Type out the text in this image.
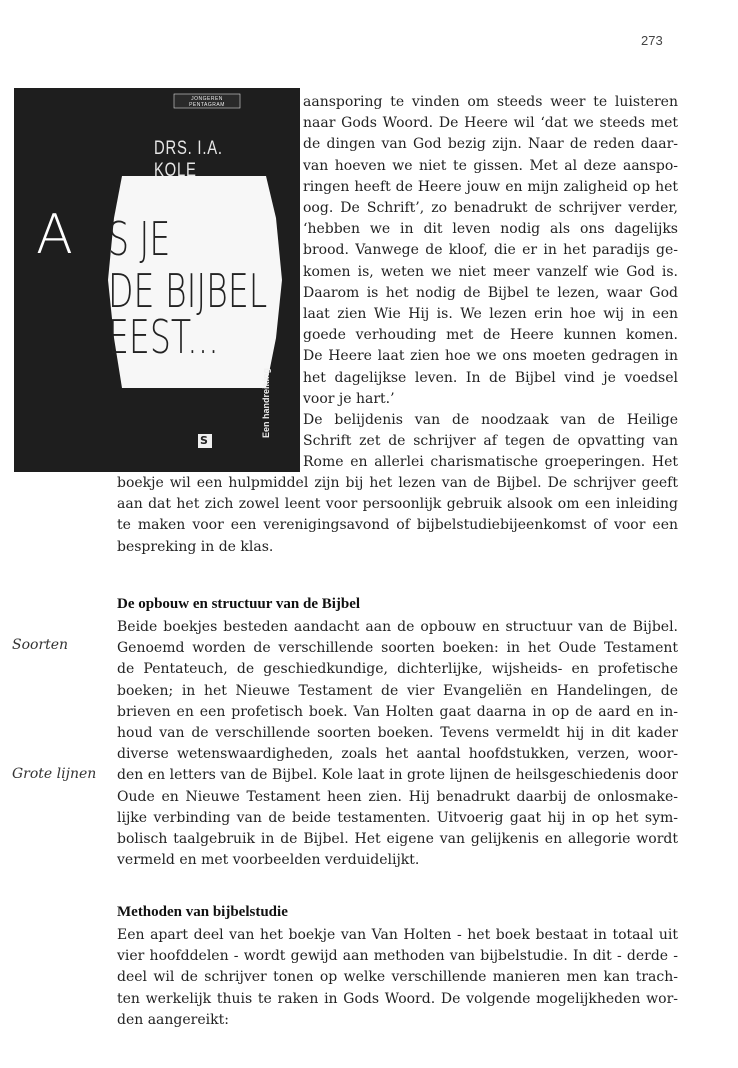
273
JONGEREN PENTAGRAM
DRS. I.A. KOLE
A S JE
DE BIJBEL
EEST...
Een handreiking
S
aansporing te vinden om steeds weer te luisteren
naar Gods Woord. De Heere wil ‘dat we steeds met
de dingen van God bezig zijn. Naar de reden daar-
van hoeven we niet te gissen. Met al deze aanspo-
ringen heeft de Heere jouw en mijn zaligheid op het
oog. De Schrift’, zo benadrukt de schrijver verder,
‘hebben we in dit leven nodig als ons dagelijks
brood. Vanwege de kloof, die er in het paradijs ge-
komen is, weten we niet meer vanzelf wie God is.
Daarom is het nodig de Bijbel te lezen, waar God
laat zien Wie Hij is. We lezen erin hoe wij in een
goede verhouding met de Heere kunnen komen.
De Heere laat zien hoe we ons moeten gedragen in
het dagelijkse leven. In de Bijbel vind je voedsel
voor je hart.’
De belijdenis van de noodzaak van de Heilige
Schrift zet de schrijver af tegen de opvatting van
Rome en allerlei charismatische groeperingen. Het
boekje wil een hulpmiddel zijn bij het lezen van de Bijbel. De schrijver geeft
aan dat het zich zowel leent voor persoonlijk gebruik alsook om een inleiding
te maken voor een verenigingsavond of bijbelstudiebijeenkomst of voor een
bespreking in de klas.
De opbouw en structuur van de Bijbel
Soorten
Grote lijnen
Beide boekjes besteden aandacht aan de opbouw en structuur van de Bijbel.
Genoemd worden de verschillende soorten boeken: in het Oude Testament
de Pentateuch, de geschiedkundige, dichterlijke, wijsheids- en profetische
boeken; in het Nieuwe Testament de vier Evangeliën en Handelingen, de
brieven en een profetisch boek. Van Holten gaat daarna in op de aard en in-
houd van de verschillende soorten boeken. Tevens vermeldt hij in dit kader
diverse wetenswaardigheden, zoals het aantal hoofdstukken, verzen, woor-
den en letters van de Bijbel. Kole laat in grote lijnen de heilsgeschiedenis door
Oude en Nieuwe Testament heen zien. Hij benadrukt daarbij de onlosmake-
lijke verbinding van de beide testamenten. Uitvoerig gaat hij in op het sym-
bolisch taalgebruik in de Bijbel. Het eigene van gelijkenis en allegorie wordt
vermeld en met voorbeelden verduidelijkt.
Methoden van bijbelstudie
Een apart deel van het boekje van Van Holten - het boek bestaat in totaal uit
vier hoofddelen - wordt gewijd aan methoden van bijbelstudie. In dit - derde -
deel wil de schrijver tonen op welke verschillende manieren men kan trach-
ten werkelijk thuis te raken in Gods Woord. De volgende mogelijkheden wor-
den aangereikt:
